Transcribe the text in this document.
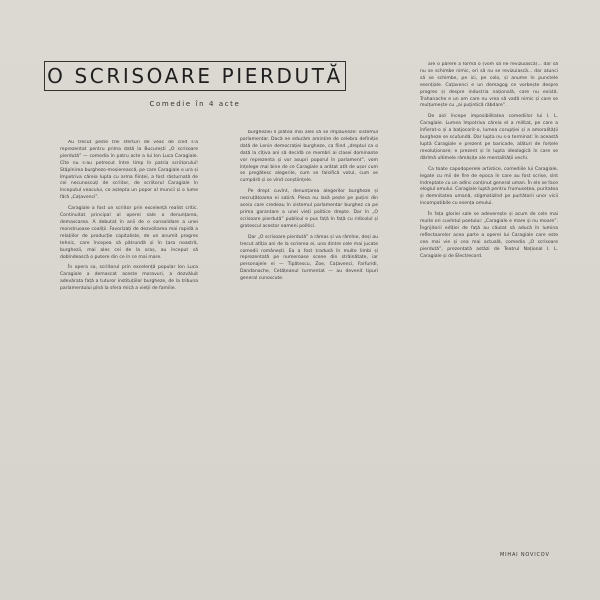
O SCRISOARE PIERDUTĂ
Comedie în 4 acte

Au trecut peste trei sferturi de veac de cînd s-a reprezentat pentru prima dată la București „O scrisoare pierdută” — comedia în patru acte a lui Ion Luca Caragiale. Cîte nu s-au petrecut între timp în patria scriitorului! Stăpînirea burghezo-moșierească, pe care Caragiale o ura și împotriva căreia lupta cu arma ființei, a fost răsturnată de cei necunoscuți de scriitor, de scriitorul Caragiale în începutul veacului, ce aștepta un popor al muncii și o lume fără „Cațavenci”.

Caragiale a fost un scriitor prin excelență realist critic. Continuitat principal al operei sale o denunțarea, demascarea. A debutat în anii de o consolidare a unei monstruoase coaliții. Favorizați de dezvoltarea mai rapidă a relațiilor de producție capitaliste, de un anumit progres tehnic, care începea să pătrundă și în țara noastră, burghezii, mai ales cei de la oraș, au început să dobîndească o putere din ce în ce mai mare.

În opera sa, scriitorul prin excelență popular Ion Luca Caragiale a demascat aceste moravuri, a dezvăluit adevărata față a tuturor instituțiilor burgheze, de la tribuna parlamentului pînă la sfera mică a vieții de familie.

burgheziei îl plătea mai ales să se împăuneze: sistemul parlamentar. Dacă ne educăm amintire de celebra definiție dată de Lenin democrației burgheze, ca fiind „dreptul ca o dată la cîțiva ani să decidă ce membri ai clasei dominante vor reprezenta și vor asupri poporul în parlament”, vom înțelege mai bine de ce Caragiale a arătat atît de ușor cum se pregătesc alegerile, cum se falsifică votul, cum se cumpără și se vînd conștiințele.

Pe drept cuvînt, denunțarea alegerilor burgheze și necruțătoarea ei satiră. Piesa nu lasă pește pe puțini din aceia care credeau în sistemul parlamentar burghez ca pe prima garantare a unei vieți politice drepte. Dar în „O scrisoare pierdută” publicul e pus față în față cu ridicolul și grotescul acestor oameni politici.

Dar „O scrisoare pierdută” a rămas și va rămîne, deși au trecut atîția ani de la scrierea ei, una dintre cele mai jucate comedii românești. Ea a fost tradusă în multe limbi și reprezentată pe numeroase scene din străinătate, iar personajele ei — Tipătescu, Zoe, Cațavenci, Farfuridi, Dandanache, Cetățeanul turmentat — au devenit tipuri general cunoscute.

are o părere a formă o (vom să ne revizuiască)... dar să nu se schimbe nimic, ori să nu se revizuiască... dar atunci să se schimbe, pe ici, pe colo, și anume în punctele esențiale. Cațavenci e un demagog ce vorbește despre progres și despre industria națională, care nu există. Trahanache e un om care nu vrea să vadă nimic și care se mulțumește cu „ai puțintică răbdare”.

De aici începe imposibilitatea comediilor lui I. L. Caragiale. Lumea împotriva căreia el a militat, pe care a înfierat-o și a batjocorit-o, lumea corupției și a amoralității burgheze se scufundă. Dar lupta nu s-a terminat: în această luptă Caragiale e prezent pe baricade, alături de forțele revoluționare; e prezent și în lupta ideologică în care se dărîmă ultimele rămășițe ale mentalității vechi.

Ca toate capodoperele artistice, comediile lui Caragiale, legate cu mii de fire de epoca în care au fost scrise, sînt îndreptate cu un adînc conținut general uman. În ele se face elogiul omului. Caragiale luptă pentru frumusețea, puritatea și demnitatea umană, stigmatizînd pe purtătorii unor vicii incompatibile cu esența omului.

În fața gloriei sale se adeverește și acum de cele mai multe ori cuvîntul poetului: „Caragiale e mare și nu moare”. Îngrijitorii ediției de față au căutat să aducă în lumina reflectoarelor acea parte a operei lui Caragiale care este cea mai vie și cea mai actuală, comedia „O scrisoare pierdută”, prezentată astăzi de Teatrul Național I. L. Caragiale și de Electrecord.

MIHAI NOVICOV
